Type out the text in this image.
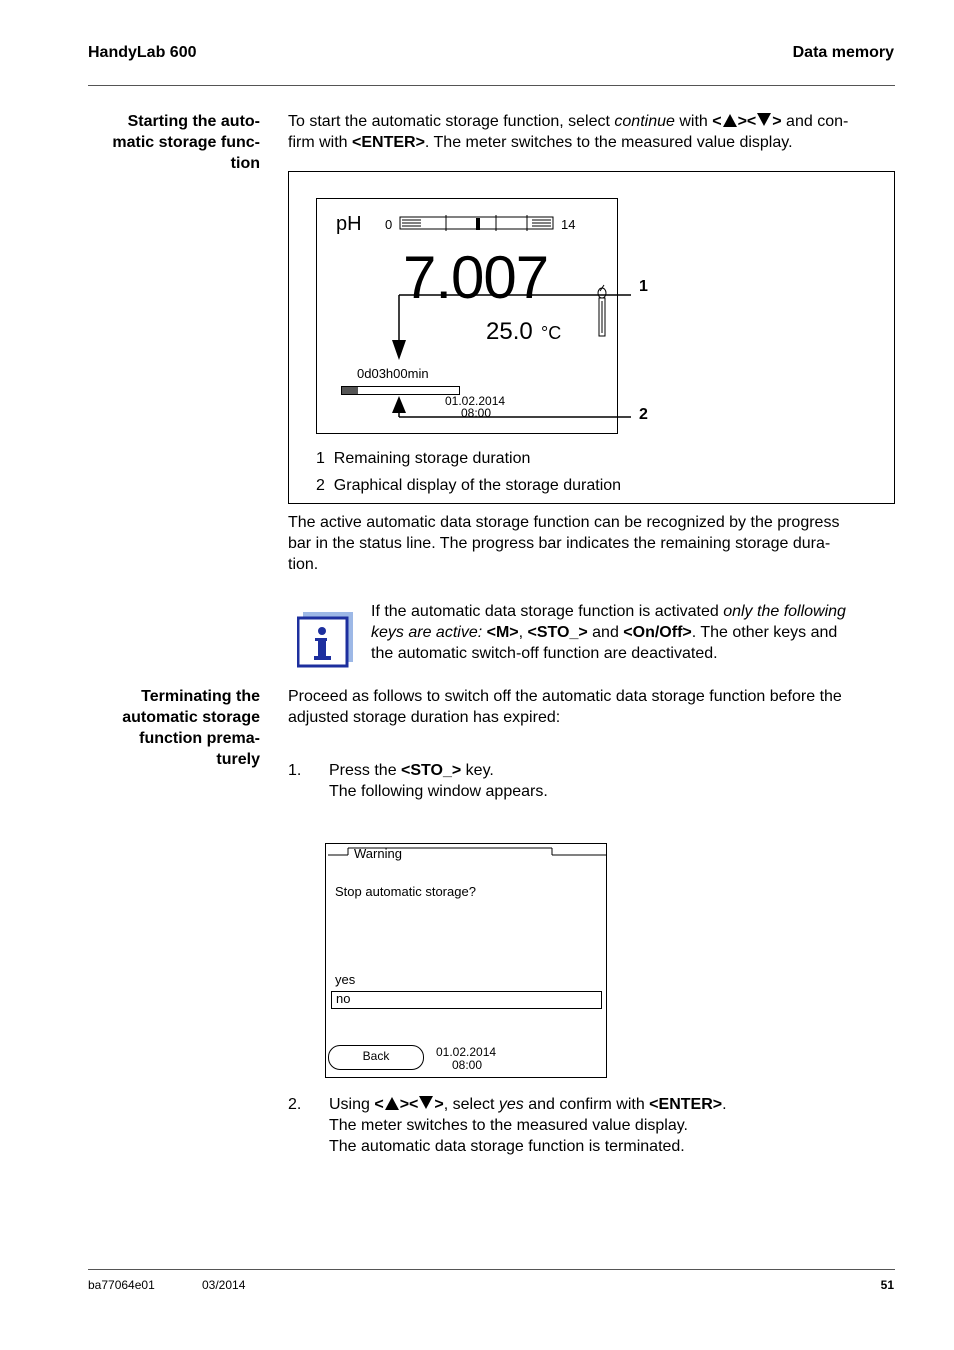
HandyLab 600	Data memory
Starting the auto-
matic storage func-
tion
To start the automatic storage function, select continue with < >< > and con-
firm with <ENTER>. The meter switches to the measured value display.
pH 0	14
7.007
25.0 °C
0d03h00min
01.02.2014
08:00
1
2
1 Remaining storage duration
2 Graphical display of the storage duration
The active automatic data storage function can be recognized by the progress
bar in the status line. The progress bar indicates the remaining storage dura-
tion.
If the automatic data storage function is activated only the following
keys are active: <M>, <STO_> and <On/Off>. The other keys and
the automatic switch-off function are deactivated.
Terminating the
automatic storage
function prema-
turely
Proceed as follows to switch off the automatic data storage function before the
adjusted storage duration has expired:
1. Press the <STO_> key.
The following window appears.
Warning
Stop automatic storage?
yes
no
Back	01.02.2014
08:00
2. Using < >< >, select yes and confirm with <ENTER>.
The meter switches to the measured value display.
The automatic data storage function is terminated.
ba77064e01	03/2014	51
